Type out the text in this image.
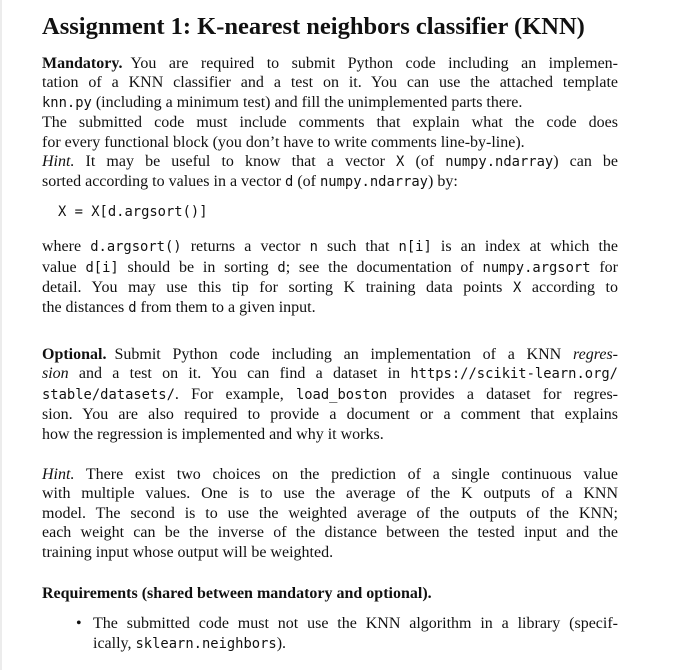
Assignment 1: K-nearest neighbors classifier (KNN)
Mandatory. You are required to submit Python code including an implemen-
tation of a KNN classifier and a test on it. You can use the attached template
knn.py (including a minimum test) and fill the unimplemented parts there.
The submitted code must include comments that explain what the code does
for every functional block (you don’t have to write comments line-by-line).
Hint. It may be useful to know that a vector X (of numpy.ndarray) can be
sorted according to values in a vector d (of numpy.ndarray) by:
X = X[d.argsort()]
where d.argsort() returns a vector n such that n[i] is an index at which the
value d[i] should be in sorting d; see the documentation of numpy.argsort for
detail. You may use this tip for sorting K training data points X according to
the distances d from them to a given input.
Optional. Submit Python code including an implementation of a KNN regres-
sion and a test on it. You can find a dataset in https://scikit-learn.org/
stable/datasets/. For example, load_boston provides a dataset for regres-
sion. You are also required to provide a document or a comment that explains
how the regression is implemented and why it works.
Hint. There exist two choices on the prediction of a single continuous value
with multiple values. One is to use the average of the K outputs of a KNN
model. The second is to use the weighted average of the outputs of the KNN;
each weight can be the inverse of the distance between the tested input and the
training input whose output will be weighted.
Requirements (shared between mandatory and optional).
• The submitted code must not use the KNN algorithm in a library (specif-
ically, sklearn.neighbors).
